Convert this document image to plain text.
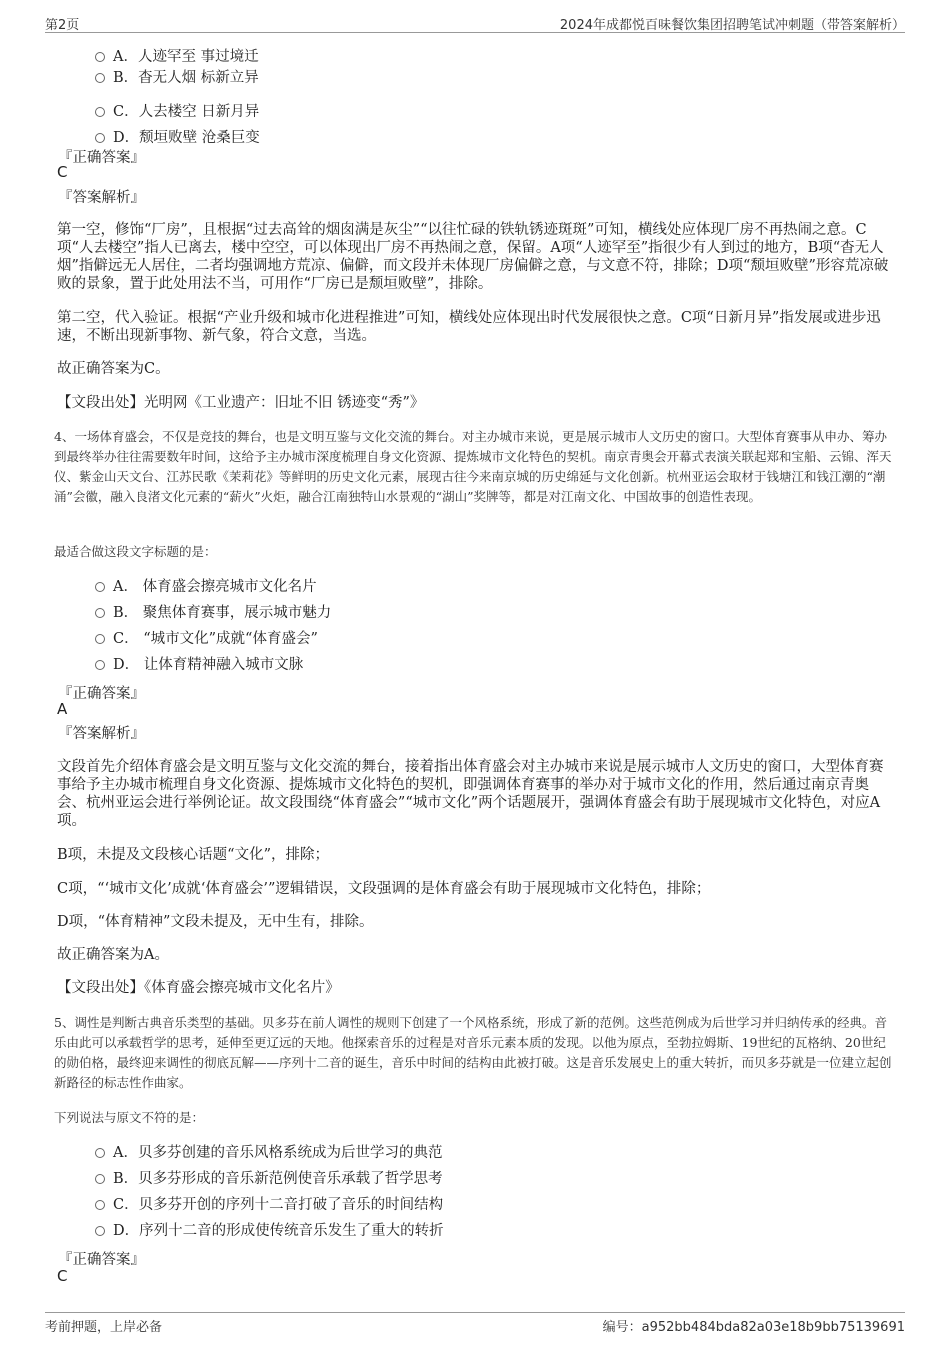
第2页	2024年成都悦百味餐饮集团招聘笔试冲刺题（带答案解析）
A．人迹罕至 事过境迁
B．杳无人烟 标新立异
C．人去楼空 日新月异
D．颓垣败壁 沧桑巨变
『正确答案』
C
『答案解析』
第一空，修饰“厂房”，且根据“过去高耸的烟囱满是灰尘”“以往忙碌的铁轨锈迹斑斑”可知，横线处应体现厂房不再热闹之意。C项“人去楼空”指人已离去，楼中空空，可以体现出厂房不再热闹之意，保留。A项“人迹罕至”指很少有人到过的地方，B项“杳无人烟”指僻远无人居住，二者均强调地方荒凉、偏僻，而文段并未体现厂房偏僻之意，与文意不符，排除；D项“颓垣败壁”形容荒凉破败的景象，置于此处用法不当，可用作“厂房已是颓垣败壁”，排除。
第二空，代入验证。根据“产业升级和城市化进程推进”可知，横线处应体现出时代发展很快之意。C项“日新月异”指发展或进步迅速，不断出现新事物、新气象，符合文意，当选。
故正确答案为C。
【文段出处】光明网《工业遗产：旧址不旧 锈迹变“秀”》
4、一场体育盛会，不仅是竞技的舞台，也是文明互鉴与文化交流的舞台。对主办城市来说，更是展示城市人文历史的窗口。大型体育赛事从申办、筹办到最终举办往往需要数年时间，这给予主办城市深度梳理自身文化资源、提炼城市文化特色的契机。南京青奥会开幕式表演关联起郑和宝船、云锦、浑天仪、紫金山天文台、江苏民歌《茉莉花》等鲜明的历史文化元素，展现古往今来南京城的历史绵延与文化创新。杭州亚运会取材于钱塘江和钱江潮的“潮涌”会徽，融入良渚文化元素的“薪火”火炬，融合江南独特山水景观的“湖山”奖牌等，都是对江南文化、中国故事的创造性表现。
最适合做这段文字标题的是：
A． 体育盛会擦亮城市文化名片
B． 聚焦体育赛事，展示城市魅力
C． “城市文化”成就“体育盛会”
D． 让体育精神融入城市文脉
『正确答案』
A
『答案解析』
文段首先介绍体育盛会是文明互鉴与文化交流的舞台，接着指出体育盛会对主办城市来说是展示城市人文历史的窗口，大型体育赛事给予主办城市梳理自身文化资源、提炼城市文化特色的契机，即强调体育赛事的举办对于城市文化的作用，然后通过南京青奥会、杭州亚运会进行举例论证。故文段围绕“体育盛会”“城市文化”两个话题展开，强调体育盛会有助于展现城市文化特色，对应A项。
B项，未提及文段核心话题“文化”，排除；
C项，“‘城市文化’成就‘体育盛会’”逻辑错误，文段强调的是体育盛会有助于展现城市文化特色，排除；
D项，“体育精神”文段未提及，无中生有，排除。
故正确答案为A。
【文段出处】《体育盛会擦亮城市文化名片》
5、调性是判断古典音乐类型的基础。贝多芬在前人调性的规则下创建了一个风格系统，形成了新的范例。这些范例成为后世学习并归纳传承的经典。音乐由此可以承载哲学的思考，延伸至更辽远的天地。他探索音乐的过程是对音乐元素本质的发现。以他为原点，至勃拉姆斯、19世纪的瓦格纳、20世纪的勋伯格，最终迎来调性的彻底瓦解——序列十二音的诞生，音乐中时间的结构由此被打破。这是音乐发展史上的重大转折，而贝多芬就是一位建立起创新路径的标志性作曲家。
下列说法与原文不符的是：
A．贝多芬创建的音乐风格系统成为后世学习的典范
B．贝多芬形成的音乐新范例使音乐承载了哲学思考
C．贝多芬开创的序列十二音打破了音乐的时间结构
D．序列十二音的形成使传统音乐发生了重大的转折
『正确答案』
C
考前押题，上岸必备	编号：a952bb484bda82a03e18b9bb75139691
